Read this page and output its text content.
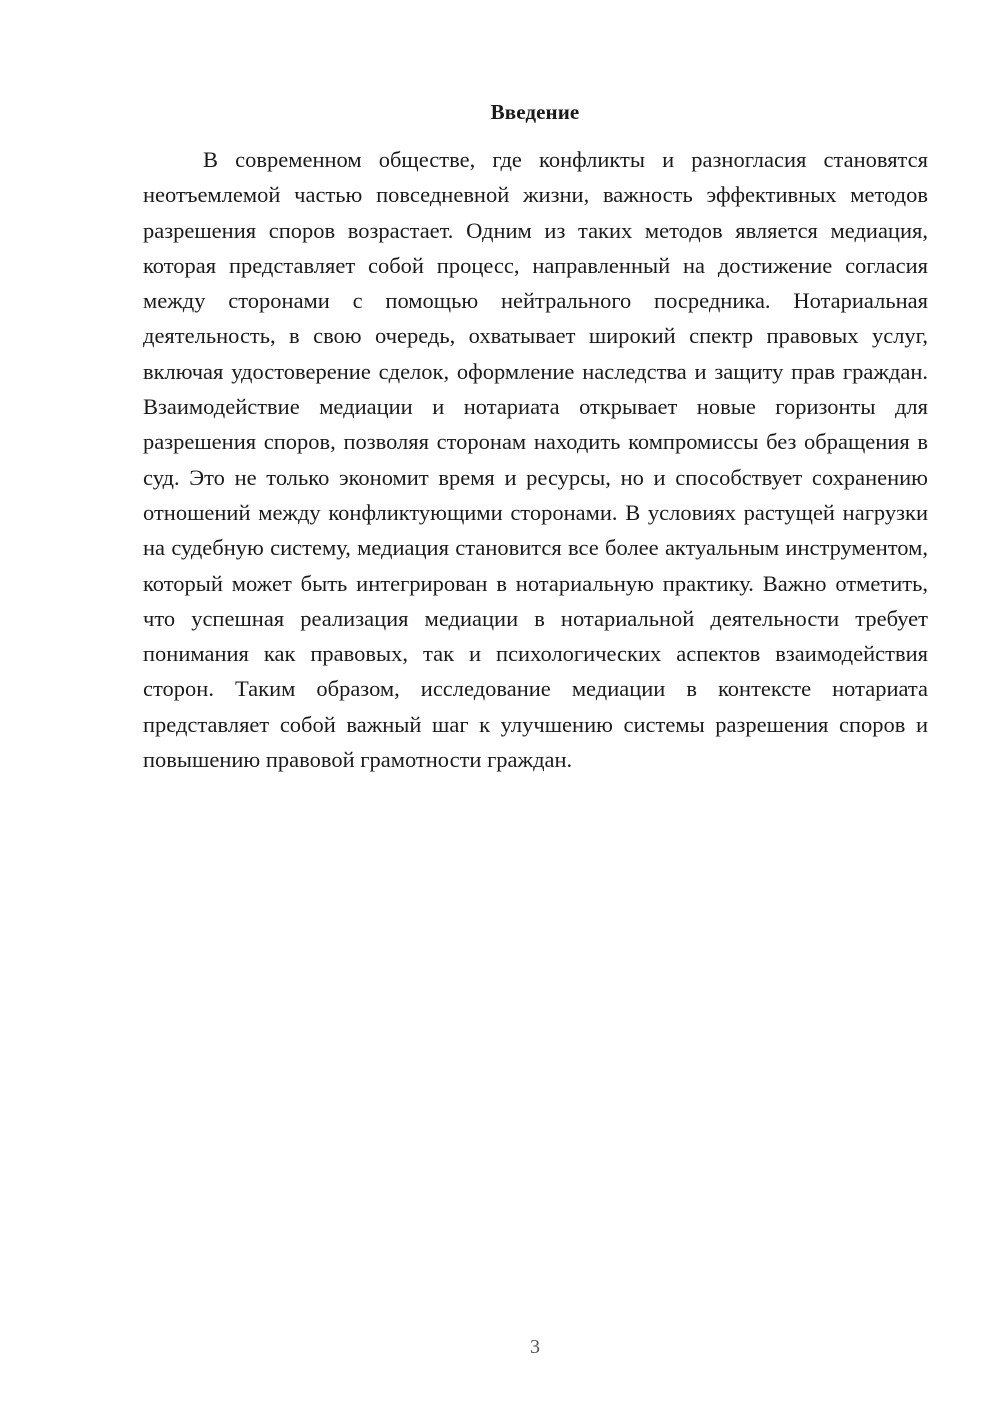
Введение

В современном обществе, где конфликты и разногласия становятся неотъемлемой частью повседневной жизни, важность эффективных методов разрешения споров возрастает. Одним из таких методов является медиация, которая представляет собой процесс, направленный на достижение согласия между сторонами с помощью нейтрального посредника. Нотариальная деятельность, в свою очередь, охватывает широкий спектр правовых услуг, включая удостоверение сделок, оформление наследства и защиту прав граждан. Взаимодействие медиации и нотариата открывает новые горизонты для разрешения споров, позволяя сторонам находить компромиссы без обращения в суд. Это не только экономит время и ресурсы, но и способствует сохранению отношений между конфликтующими сторонами. В условиях растущей нагрузки на судебную систему, медиация становится все более актуальным инструментом, который может быть интегрирован в нотариальную практику. Важно отметить, что успешная реализация медиации в нотариальной деятельности требует понимания как правовых, так и психологических аспектов взаимодействия сторон. Таким образом, исследование медиации в контексте нотариата представляет собой важный шаг к улучшению системы разрешения споров и повышению правовой грамотности граждан.

3
